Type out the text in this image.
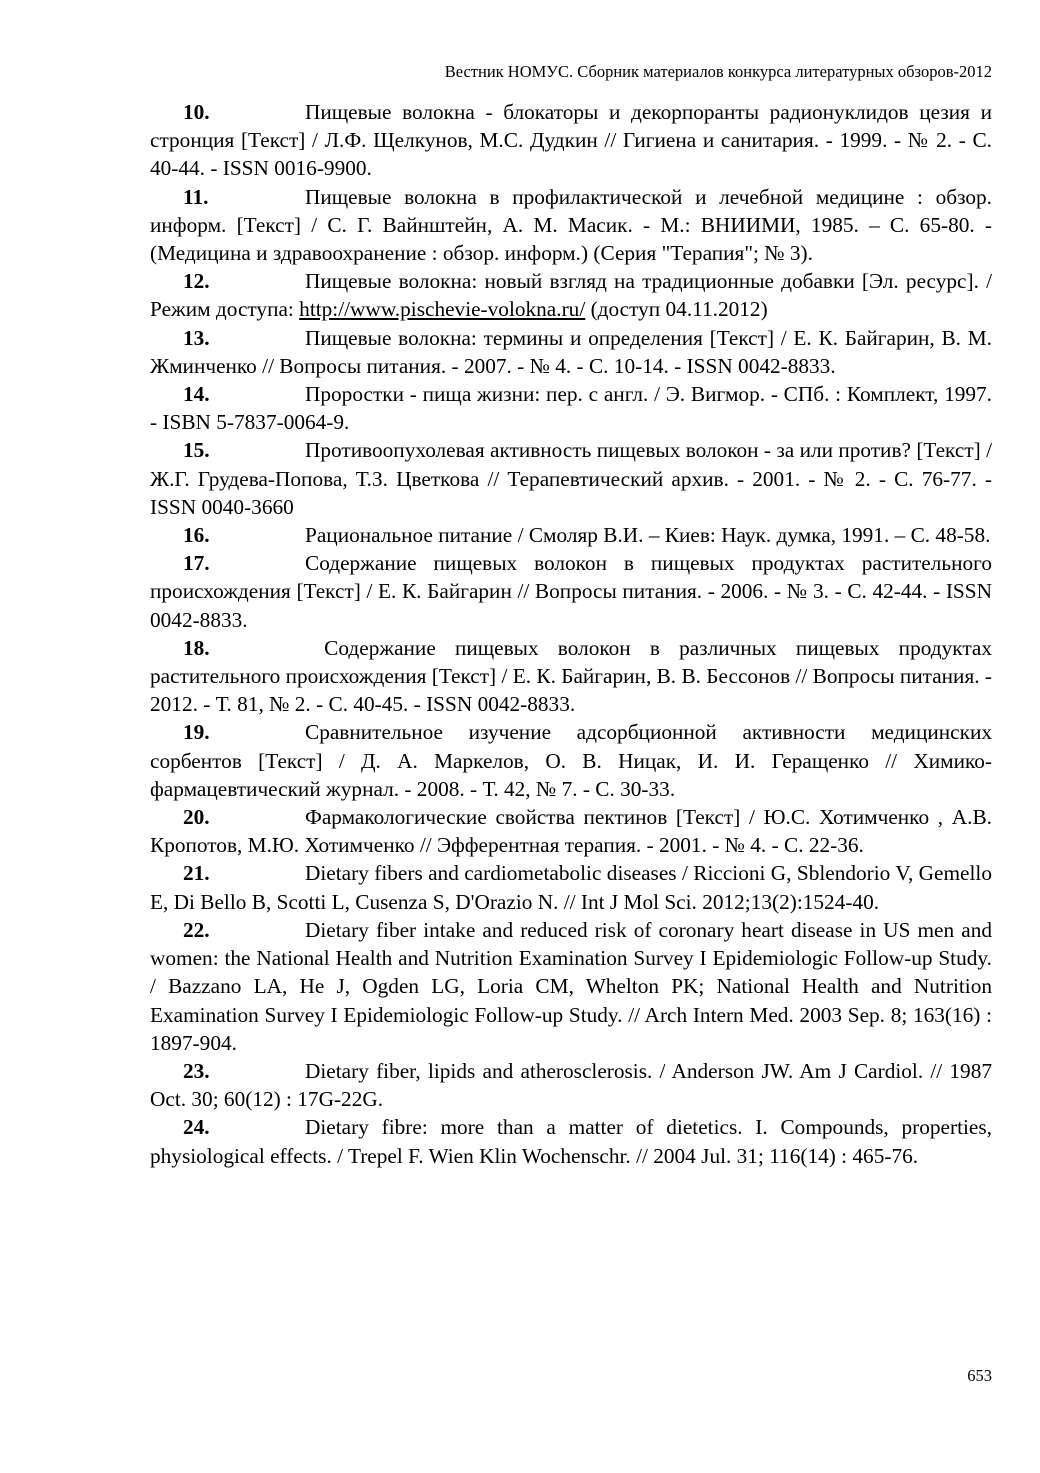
Вестник НОМУС. Сборник материалов конкурса литературных обзоров-2012

10.	Пищевые волокна - блокаторы и декорпоранты радионуклидов цезия и стронция [Текст] / Л.Ф. Щелкунов, М.С. Дудкин // Гигиена и санитария. - 1999. - № 2. - С. 40-44. - ISSN 0016-9900.

11.	Пищевые волокна в профилактической и лечебной медицине : обзор. информ. [Текст] / С. Г. Вайнштейн, А. М. Масик. - М.: ВНИИМИ, 1985. – С. 65-80. - (Медицина и здравоохранение : обзор. информ.) (Серия "Терапия"; № 3).

12.	Пищевые волокна: новый взгляд на традиционные добавки [Эл. ресурс]. / Режим доступа: http://www.pischevie-volokna.ru/ (доступ 04.11.2012)

13.	Пищевые волокна: термины и определения [Текст] / Е. К. Байгарин, В. М. Жминченко // Вопросы питания. - 2007. - № 4. - С. 10-14. - ISSN 0042-8833.

14.	Проростки - пища жизни: пер. с англ. / Э. Вигмор. - СПб. : Комплект, 1997. - ISBN 5-7837-0064-9.

15.	Противоопухолевая активность пищевых волокон - за или против? [Текст] / Ж.Г. Грудева-Попова, Т.З. Цветкова // Терапевтический архив. - 2001. - № 2. - С. 76-77. - ISSN 0040-3660

16.	Рациональное питание / Смоляр В.И. – Киев: Наук. думка, 1991. – С. 48-58.

17.	Содержание пищевых волокон в пищевых продуктах растительного происхождения [Текст] / Е. К. Байгарин // Вопросы питания. - 2006. - № 3. - С. 42-44. - ISSN 0042-8833.

18.	Содержание пищевых волокон в различных пищевых продуктах растительного происхождения [Текст] / Е. К. Байгарин, В. В. Бессонов // Вопросы питания. - 2012. - Т. 81, № 2. - С. 40-45. - ISSN 0042-8833.

19.	Сравнительное изучение адсорбционной активности медицинских сорбентов [Текст] / Д. А. Маркелов, О. В. Ницак, И. И. Геращенко // Химико-фармацевтический журнал. - 2008. - Т. 42, № 7. - С. 30-33.

20.	Фармакологические свойства пектинов [Текст] / Ю.С. Хотимченко , А.В. Кропотов, М.Ю. Хотимченко // Эфферентная терапия. - 2001. - № 4. - С. 22-36.

21.	Dietary fibers and cardiometabolic diseases / Riccioni G, Sblendorio V, Gemello E, Di Bello B, Scotti L, Cusenza S, D'Orazio N. // Int J Mol Sci. 2012;13(2):1524-40.

22.	Dietary fiber intake and reduced risk of coronary heart disease in US men and women: the National Health and Nutrition Examination Survey I Epidemiologic Follow-up Study. / Bazzano LA, He J, Ogden LG, Loria CM, Whelton PK; National Health and Nutrition Examination Survey I Epidemiologic Follow-up Study. // Arch Intern Med. 2003 Sep. 8; 163(16) : 1897-904.

23.	Dietary fiber, lipids and atherosclerosis. / Anderson JW. Am J Cardiol. // 1987 Oct. 30; 60(12) : 17G-22G.

24.	Dietary fibre: more than a matter of dietetics. I. Compounds, properties, physiological effects. / Trepel F. Wien Klin Wochenschr. // 2004 Jul. 31; 116(14) : 465-76.

653
